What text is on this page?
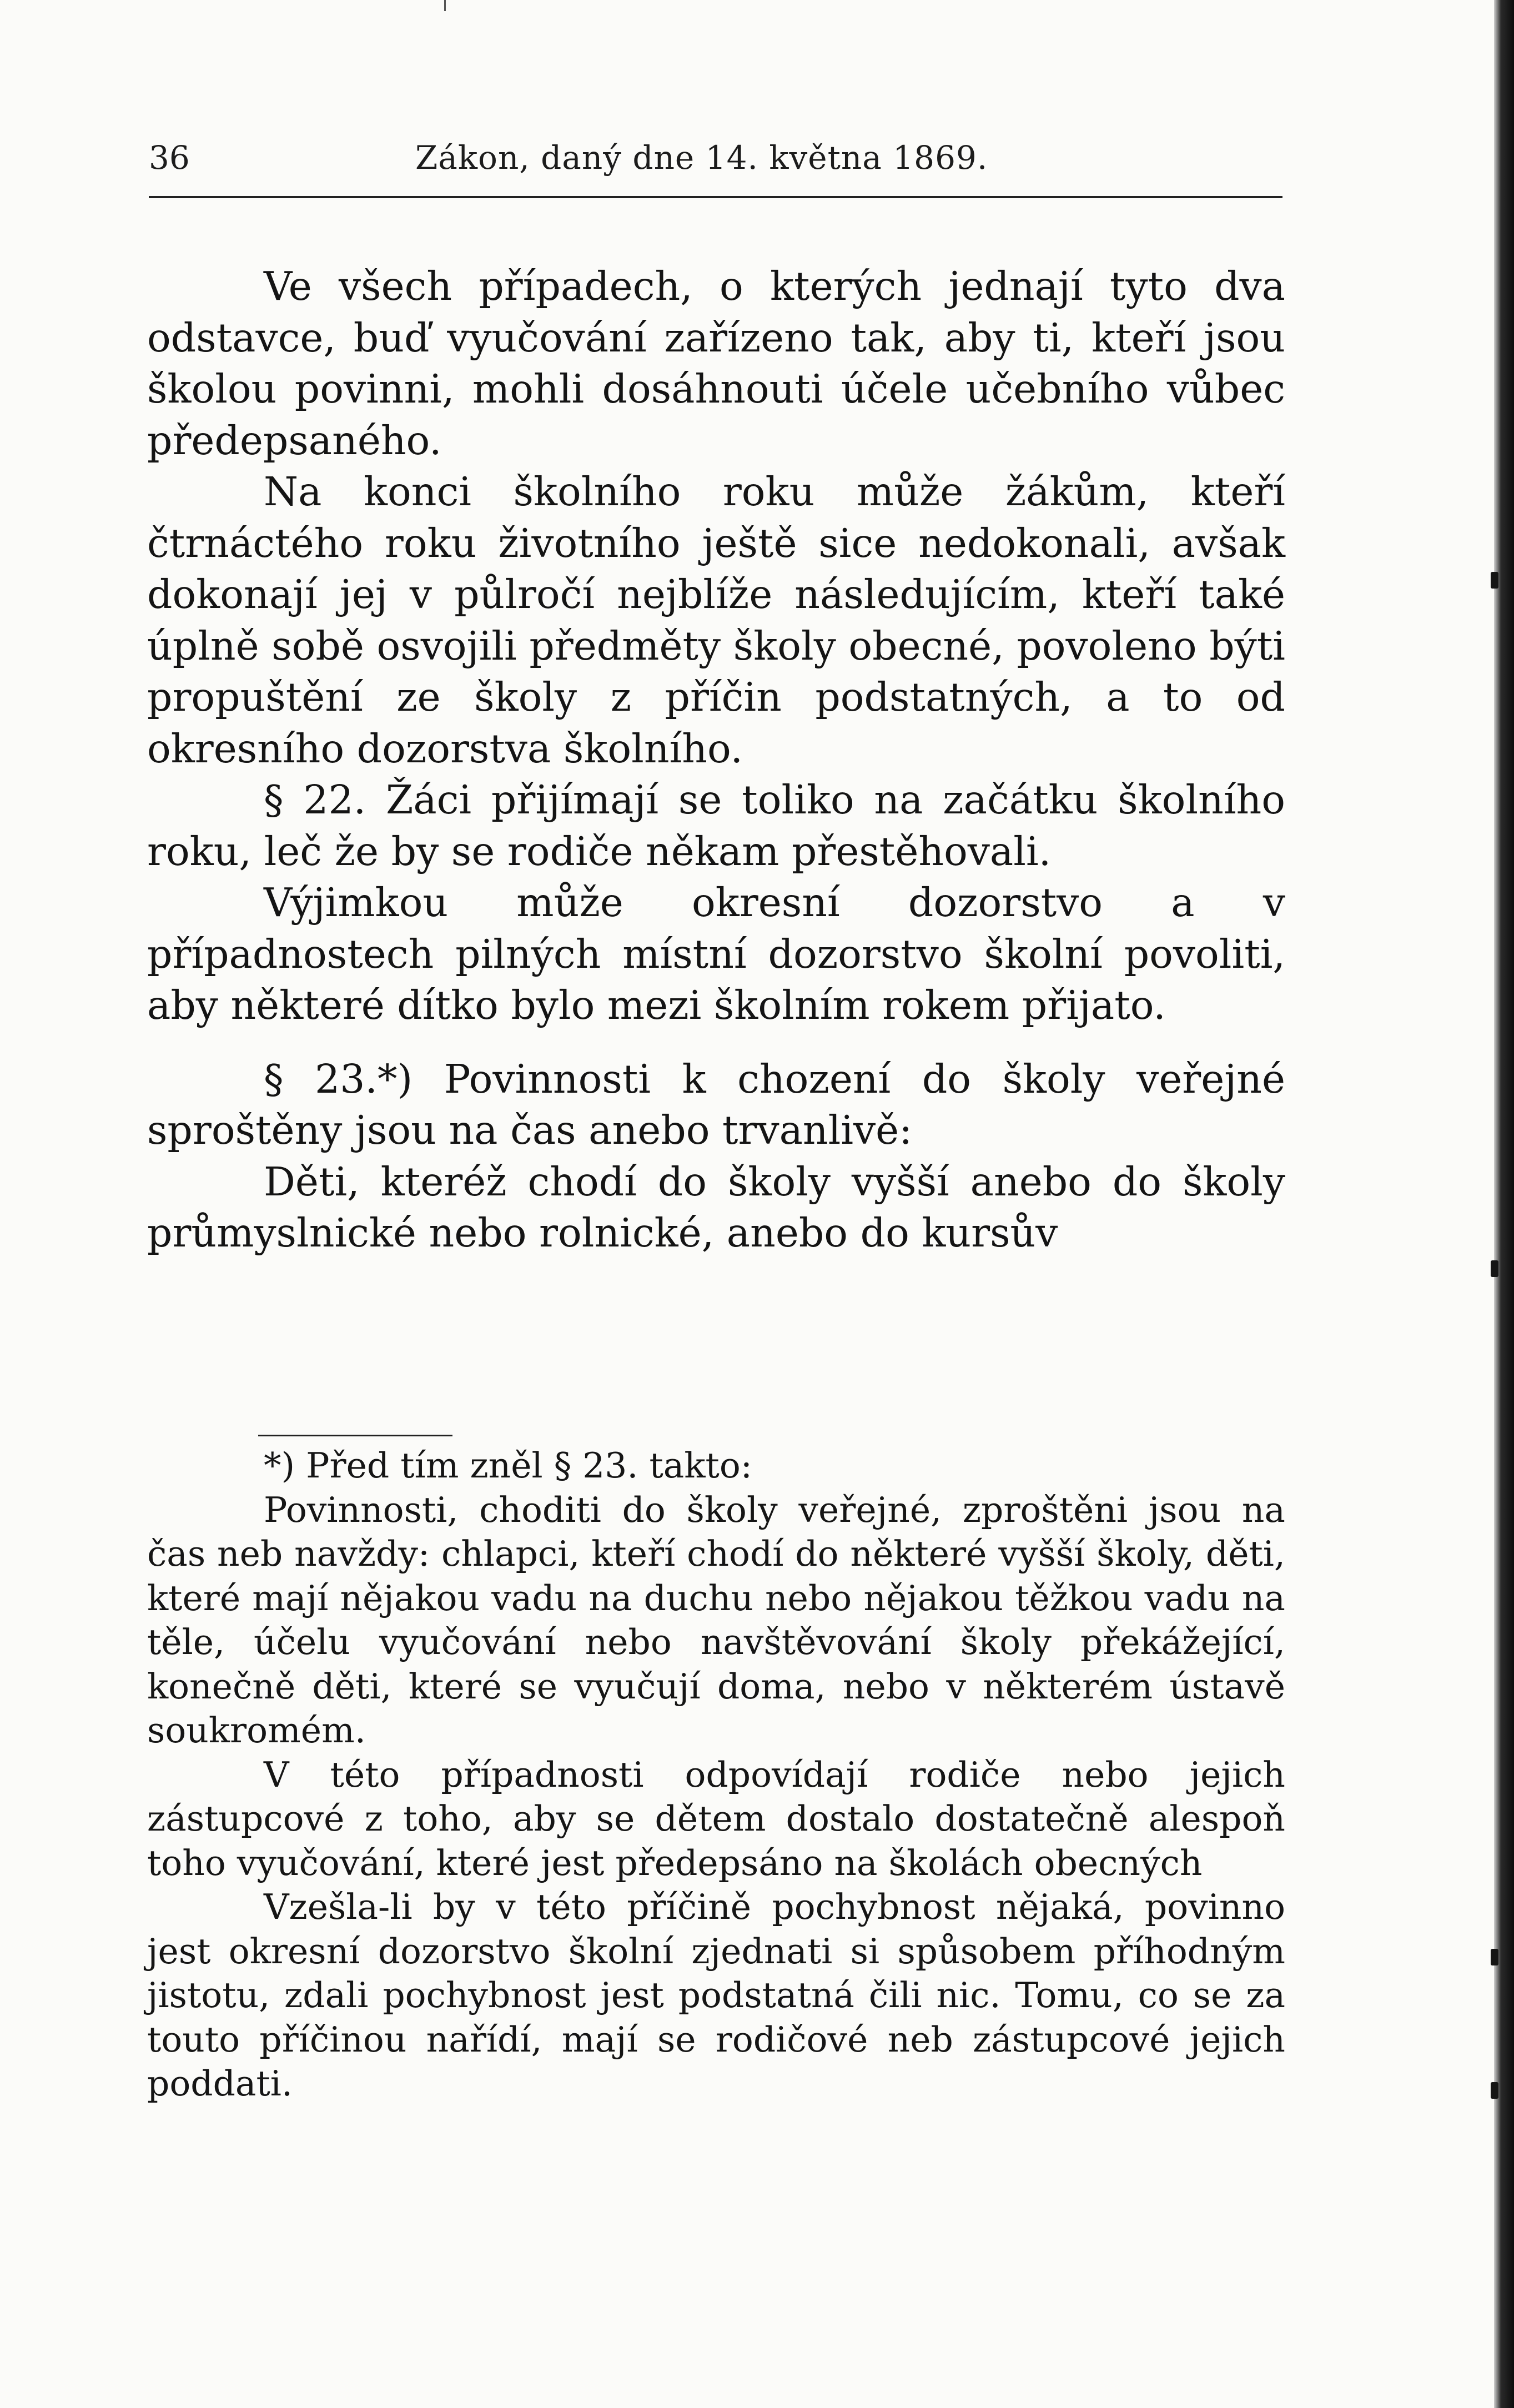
36	Zákon, daný dne 14. května 1869.

Ve všech případech, o kterých jednají tyto dva odstavce, buď vyučování zařízeno tak, aby ti, kteří jsou školou povinni, mohli dosáhnouti účele učebního vůbec předepsaného.

Na konci školního roku může žákům, kteří čtrnáctého roku životního ještě sice nedokonali, avšak dokonají jej v půlročí nejblíže následujícím, kteří také úplně sobě osvojili předměty školy obecné, povoleno býti propuštění ze školy z příčin podstatných, a to od okresního dozorstva školního.

§ 22. Žáci přijímají se toliko na začátku školního roku, leč že by se rodiče někam přestěhovali.

Výjimkou může okresní dozorstvo a v případnostech pilných místní dozorstvo školní povoliti, aby některé dítko bylo mezi školním rokem přijato.

§ 23.*) Povinnosti k chození do školy veřejné sproštěny jsou na čas anebo trvanlivě:

Děti, kteréž chodí do školy vyšší anebo do školy průmyslnické nebo rolnické, anebo do kursův

*) Před tím zněl § 23. takto:

Povinnosti, choditi do školy veřejné, zproštěni jsou na čas neb navždy: chlapci, kteří chodí do některé vyšší školy, děti, které mají nějakou vadu na duchu nebo nějakou těžkou vadu na těle, účelu vyučování nebo navštěvování školy překážející, konečně děti, které se vyučují doma, nebo v některém ústavě soukromém.

V této případnosti odpovídají rodiče nebo jejich zástupcové z toho, aby se dětem dostalo dostatečně alespoň toho vyučování, které jest předepsáno na školách obecných

Vzešla-li by v této příčině pochybnost nějaká, povinno jest okresní dozorstvo školní zjednati si spůsobem příhodným jistotu, zdali pochybnost jest podstatná čili nic. Tomu, co se za touto příčinou nařídí, mají se rodičové neb zástupcové jejich poddati.
